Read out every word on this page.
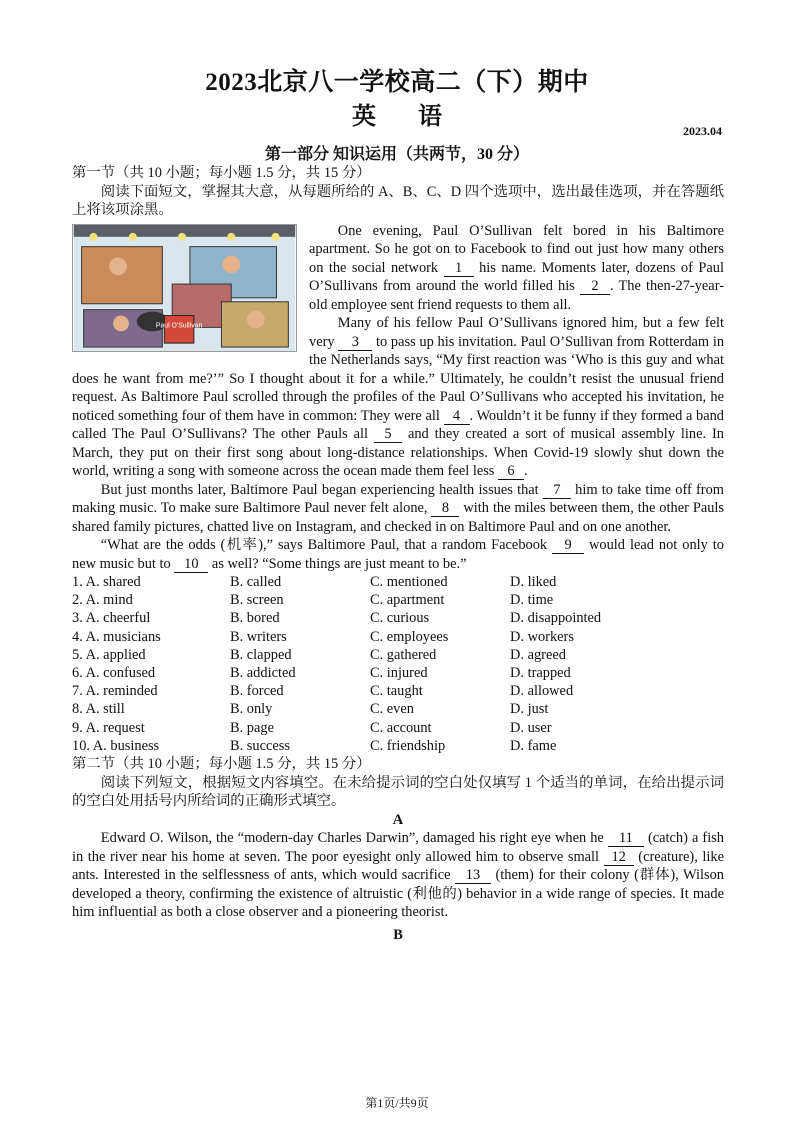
2023北京八一学校高二（下）期中
英 语
2023.04
第一部分 知识运用（共两节，30 分）

第一节（共 10 小题；每小题 1.5 分，共 15 分）

阅读下面短文，掌握其大意，从每题所给的 A、B、C、D 四个选项中，选出最佳选项，并在答题纸上将该项涂黑。

Paul O'Sullivan

One evening, Paul O’Sullivan felt bored in his Baltimore apartment. So he got on to Facebook to find out just how many others on the social network 1 his name. Moments later, dozens of Paul O’Sullivans from around the world filled his 2 . The then-27-year-old employee sent friend requests to them all.

Many of his fellow Paul O’Sullivans ignored him, but a few felt very 3 to pass up his invitation. Paul O’Sullivan from Rotterdam in the Netherlands says, “My first reaction was ‘Who is this guy and what does he want from me?’” So I thought about it for a while.” Ultimately, he couldn’t resist the unusual friend request. As Baltimore Paul scrolled through the profiles of the Paul O’Sullivans who accepted his invitation, he noticed something four of them have in common: They were all 4 . Wouldn’t it be funny if they formed a band called The Paul O’Sullivans? The other Pauls all 5 and they created a sort of musical assembly line. In March, they put on their first song about long-distance relationships. When Covid-19 slowly shut down the world, writing a song with someone across the ocean made them feel less 6 .

But just months later, Baltimore Paul began experiencing health issues that 7 him to take time off from making music. To make sure Baltimore Paul never felt alone, 8 with the miles between them, the other Pauls shared family pictures, chatted live on Instagram, and checked in on Baltimore Paul and on one another.

“What are the odds (机率),” says Baltimore Paul, that a random Facebook 9 would lead not only to new music but to 10 as well? “Some things are just meant to be.”

1. A. shared	B. called	C. mentioned	D. liked
2. A. mind	B. screen	C. apartment	D. time
3. A. cheerful	B. bored	C. curious	D. disappointed
4. A. musicians	B. writers	C. employees	D. workers
5. A. applied	B. clapped	C. gathered	D. agreed
6. A. confused	B. addicted	C. injured	D. trapped
7. A. reminded	B. forced	C. taught	D. allowed
8. A. still	B. only	C. even	D. just
9. A. request	B. page	C. account	D. user
10. A. business	B. success	C. friendship	D. fame

第二节（共 10 小题；每小题 1.5 分，共 15 分）

阅读下列短文，根据短文内容填空。在未给提示词的空白处仅填写 1 个适当的单词，在给出提示词的空白处用括号内所给词的正确形式填空。

A

Edward O. Wilson, the “modern-day Charles Darwin”, damaged his right eye when he 11 (catch) a fish in the river near his home at seven. The poor eyesight only allowed him to observe small 12 (creature), like ants. Interested in the selflessness of ants, which would sacrifice 13 (them) for their colony (群体), Wilson developed a theory, confirming the existence of altruistic (利他的) behavior in a wide range of species. It made him influential as both a close observer and a pioneering theorist.

B

第1页/共9页
